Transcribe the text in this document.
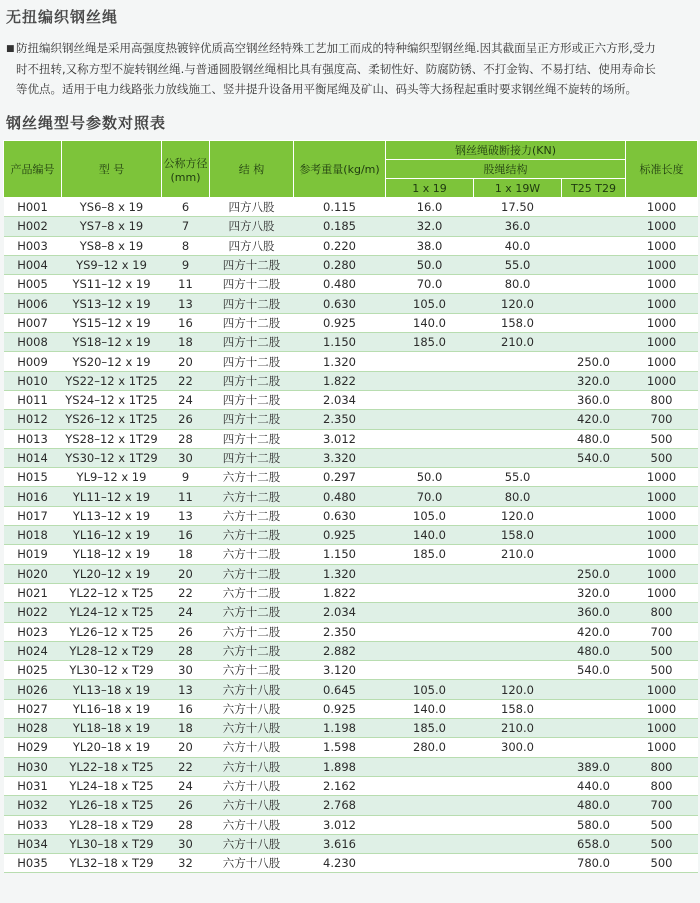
无扭编织钢丝绳
■防扭编织钢丝绳是采用高强度热镀锌优质高空钢丝经特殊工艺加工而成的特种编织型钢丝绳.因其截面呈正方形或正六方形,受力
时不扭转,又称方型不旋转钢丝绳.与普通圆股钢丝绳相比具有强度高、柔韧性好、防腐防锈、不打金钩、不易打结、使用寿命长
等优点。适用于电力线路张力放线施工、竖井提升设备用平衡尾绳及矿山、码头等大扬程起重时要求钢丝绳不旋转的场所。
钢丝绳型号参数对照表
产品编号	型 号	公称方径(mm)	结 构	参考重量(kg/m)	钢丝绳破断接力(KN)			标准长度
					股绳结构			
					1 x 19	1 x 19W	T25 T29	
H001	YS6–8 x 19	6	四方八股	0.115	16.0	17.50		1000
H002	YS7–8 x 19	7	四方八股	0.185	32.0	36.0		1000
H003	YS8–8 x 19	8	四方八股	0.220	38.0	40.0		1000
H004	YS9–12 x 19	9	四方十二股	0.280	50.0	55.0		1000
H005	YS11–12 x 19	11	四方十二股	0.480	70.0	80.0		1000
H006	YS13–12 x 19	13	四方十二股	0.630	105.0	120.0		1000
H007	YS15–12 x 19	16	四方十二股	0.925	140.0	158.0		1000
H008	YS18–12 x 19	18	四方十二股	1.150	185.0	210.0		1000
H009	YS20–12 x 19	20	四方十二股	1.320			250.0	1000
H010	YS22–12 x 1T25	22	四方十二股	1.822			320.0	1000
H011	YS24–12 x 1T25	24	四方十二股	2.034			360.0	800
H012	YS26–12 x 1T25	26	四方十二股	2.350			420.0	700
H013	YS28–12 x 1T29	28	四方十二股	3.012			480.0	500
H014	YS30–12 x 1T29	30	四方十二股	3.320			540.0	500
H015	YL9–12 x 19	9	六方十二股	0.297	50.0	55.0		1000
H016	YL11–12 x 19	11	六方十二股	0.480	70.0	80.0		1000
H017	YL13–12 x 19	13	六方十二股	0.630	105.0	120.0		1000
H018	YL16–12 x 19	16	六方十二股	0.925	140.0	158.0		1000
H019	YL18–12 x 19	18	六方十二股	1.150	185.0	210.0		1000
H020	YL20–12 x 19	20	六方十二股	1.320			250.0	1000
H021	YL22–12 x T25	22	六方十二股	1.822			320.0	1000
H022	YL24–12 x T25	24	六方十二股	2.034			360.0	800
H023	YL26–12 x T25	26	六方十二股	2.350			420.0	700
H024	YL28–12 x T29	28	六方十二股	2.882			480.0	500
H025	YL30–12 x T29	30	六方十二股	3.120			540.0	500
H026	YL13–18 x 19	13	六方十八股	0.645	105.0	120.0		1000
H027	YL16–18 x 19	16	六方十八股	0.925	140.0	158.0		1000
H028	YL18–18 x 19	18	六方十八股	1.198	185.0	210.0		1000
H029	YL20–18 x 19	20	六方十八股	1.598	280.0	300.0		1000
H030	YL22–18 x T25	22	六方十八股	1.898			389.0	800
H031	YL24–18 x T25	24	六方十八股	2.162			440.0	800
H032	YL26–18 x T25	26	六方十八股	2.768			480.0	700
H033	YL28–18 x T29	28	六方十八股	3.012			580.0	500
H034	YL30–18 x T29	30	六方十八股	3.616			658.0	500
H035	YL32–18 x T29	32	六方十八股	4.230			780.0	500
